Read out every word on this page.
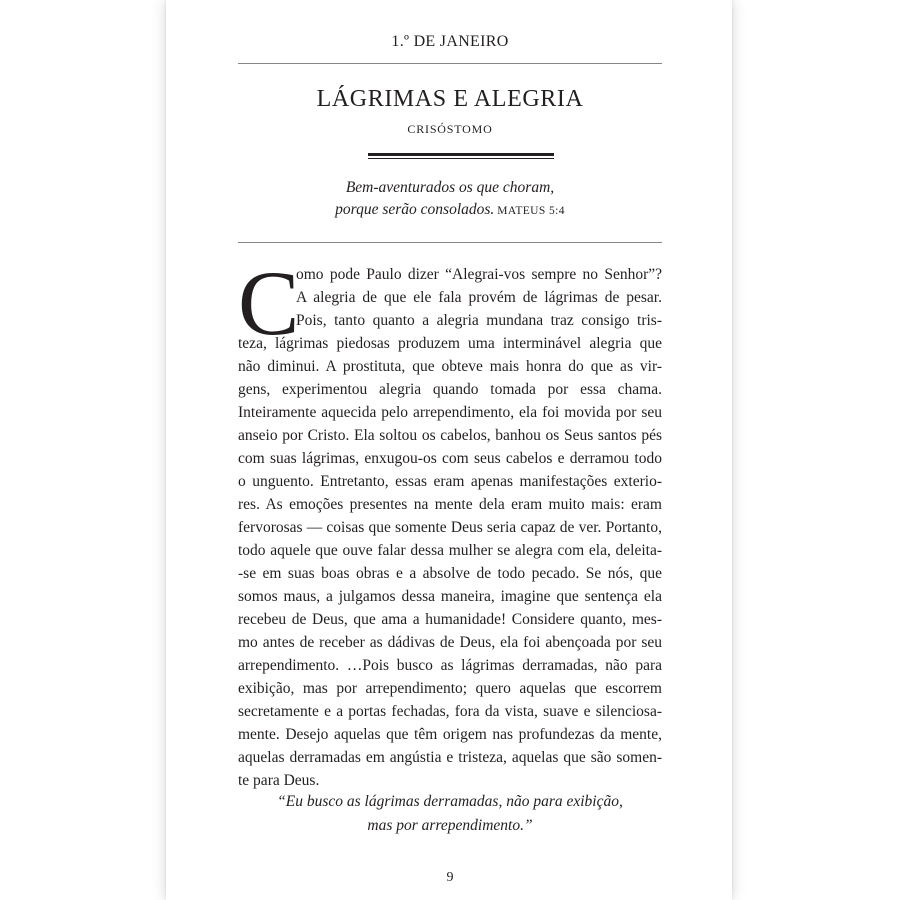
1.º DE JANEIRO
LÁGRIMAS E ALEGRIA
CRISÓSTOMO
Bem-aventurados os que choram,
porque serão consolados. MATEUS 5:4
C
omo pode Paulo dizer “Alegrai-vos sempre no Senhor”?
A alegria de que ele fala provém de lágrimas de pesar.
Pois, tanto quanto a alegria mundana traz consigo tris-
teza, lágrimas piedosas produzem uma interminável alegria que
não diminui. A prostituta, que obteve mais honra do que as vir-
gens, experimentou alegria quando tomada por essa chama.
Inteiramente aquecida pelo arrependimento, ela foi movida por seu
anseio por Cristo. Ela soltou os cabelos, banhou os Seus santos pés
com suas lágrimas, enxugou-os com seus cabelos e derramou todo
o unguento. Entretanto, essas eram apenas manifestações exterio-
res. As emoções presentes na mente dela eram muito mais: eram
fervorosas — coisas que somente Deus seria capaz de ver. Portanto,
todo aquele que ouve falar dessa mulher se alegra com ela, deleita-
-se em suas boas obras e a absolve de todo pecado. Se nós, que
somos maus, a julgamos dessa maneira, imagine que sentença ela
recebeu de Deus, que ama a humanidade! Considere quanto, mes-
mo antes de receber as dádivas de Deus, ela foi abençoada por seu
arrependimento. …Pois busco as lágrimas derramadas, não para
exibição, mas por arrependimento; quero aquelas que escorrem
secretamente e a portas fechadas, fora da vista, suave e silenciosa-
mente. Desejo aquelas que têm origem nas profundezas da mente,
aquelas derramadas em angústia e tristeza, aquelas que são somen-
te para Deus.
“Eu busco as lágrimas derramadas, não para exibição,
mas por arrependimento.”
9
